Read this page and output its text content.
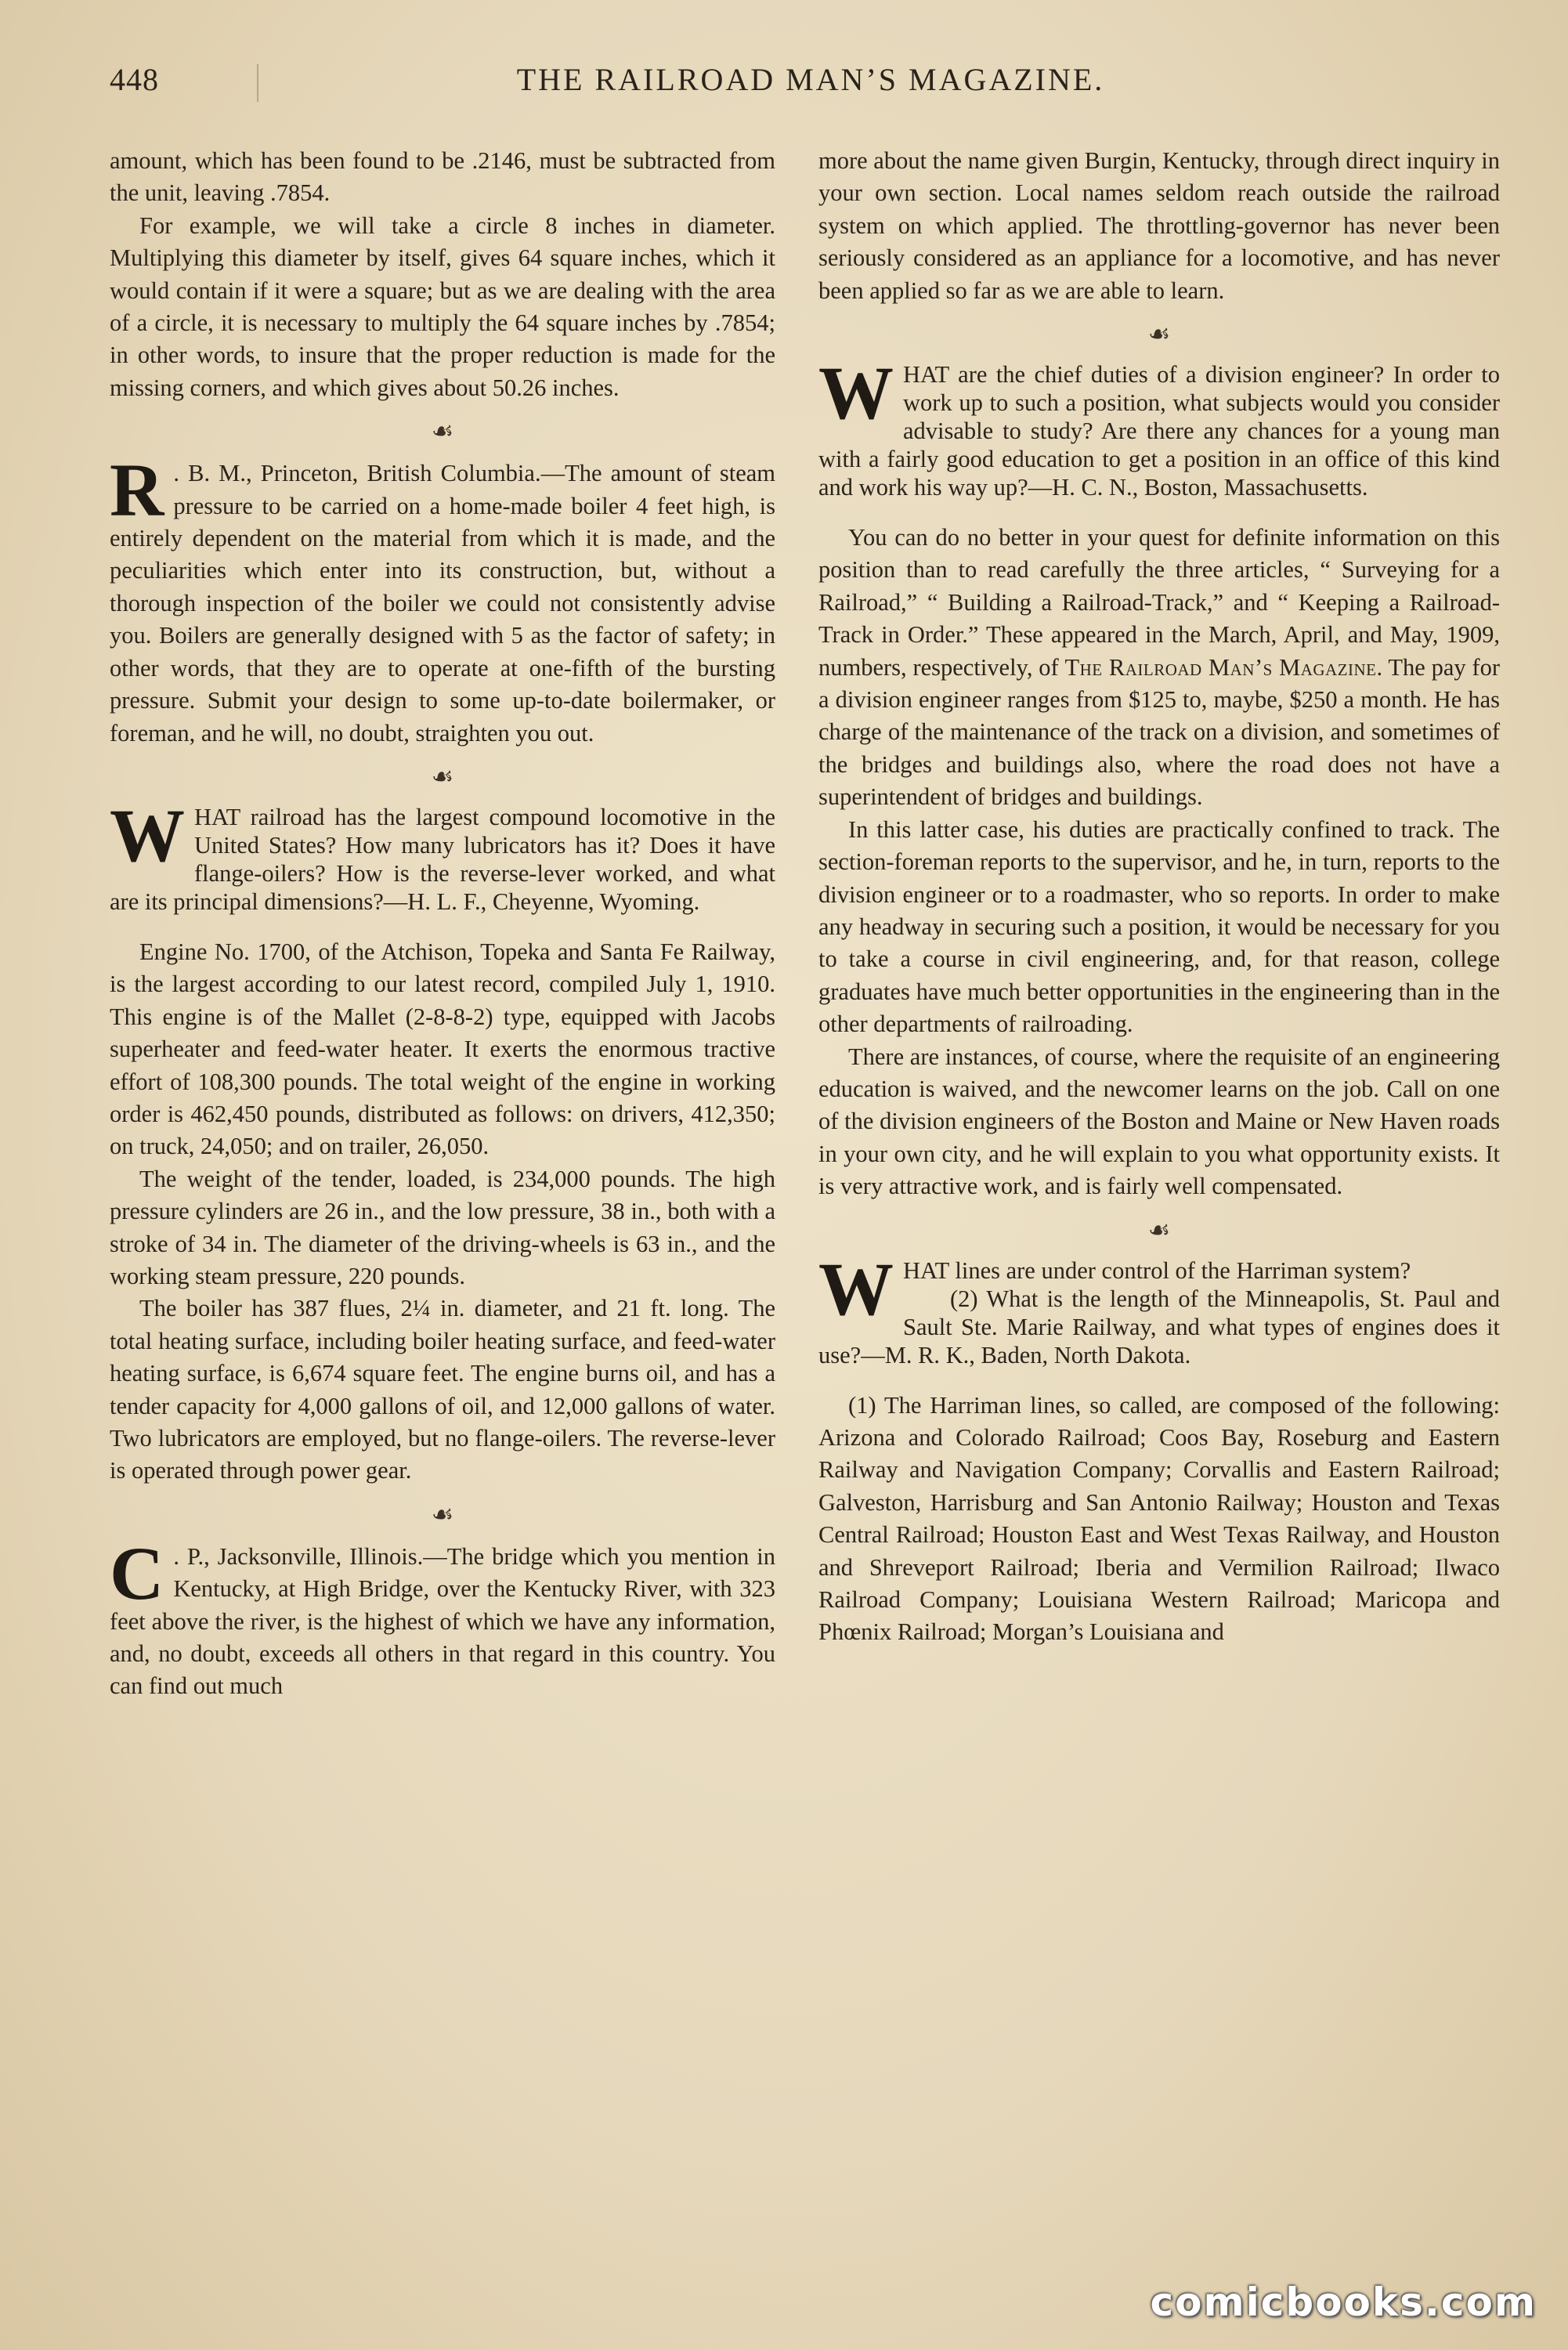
448	THE RAILROAD MAN’S MAGAZINE.

amount, which has been found to be .2146, must be subtracted from the unit, leaving .7854.

For example, we will take a circle 8 inches in diameter. Multiplying this diameter by itself, gives 64 square inches, which it would contain if it were a square; but as we are dealing with the area of a circle, it is necessary to multiply the 64 square inches by .7854; in other words, to insure that the proper reduction is made for the missing corners, and which gives about 50.26 inches.

☙

R . B. M., Princeton, British Columbia.—The amount of steam pressure to be carried on a home-made boiler 4 feet high, is entirely dependent on the material from which it is made, and the peculiarities which enter into its construction, but, without a thorough inspection of the boiler we could not consistently advise you. Boilers are generally designed with 5 as the factor of safety; in other words, that they are to operate at one-fifth of the bursting pressure. Submit your design to some up-to-date boilermaker, or foreman, and he will, no doubt, straighten you out.

☙

WHAT railroad has the largest compound locomotive in the United States? How many lubricators has it? Does it have flange-oilers? How is the reverse-lever worked, and what are its principal dimensions?—H. L. F., Cheyenne, Wyoming.

Engine No. 1700, of the Atchison, Topeka and Santa Fe Railway, is the largest according to our latest record, compiled July 1, 1910. This engine is of the Mallet (2-8-8-2) type, equipped with Jacobs superheater and feed-water heater. It exerts the enormous tractive effort of 108,300 pounds. The total weight of the engine in working order is 462,450 pounds, distributed as follows: on drivers, 412,350; on truck, 24,050; and on trailer, 26,050.

The weight of the tender, loaded, is 234,000 pounds. The high pressure cylinders are 26 in., and the low pressure, 38 in., both with a stroke of 34 in. The diameter of the driving-wheels is 63 in., and the working steam pressure, 220 pounds.

The boiler has 387 flues, 2¼ in. diameter, and 21 ft. long. The total heating surface, including boiler heating surface, and feed-water heating surface, is 6,674 square feet. The engine burns oil, and has a tender capacity for 4,000 gallons of oil, and 12,000 gallons of water. Two lubricators are employed, but no flange-oilers. The reverse-lever is operated through power gear.

☙

C . P., Jacksonville, Illinois.—The bridge which you mention in Kentucky, at High Bridge, over the Kentucky River, with 323 feet above the river, is the highest of which we have any information, and, no doubt, exceeds all others in that regard in this country. You can find out much

more about the name given Burgin, Kentucky, through direct inquiry in your own section. Local names seldom reach outside the railroad system on which applied. The throttling-governor has never been seriously considered as an appliance for a locomotive, and has never been applied so far as we are able to learn.

☙

WHAT are the chief duties of a division engineer? In order to work up to such a position, what subjects would you consider advisable to study? Are there any chances for a young man with a fairly good education to get a position in an office of this kind and work his way up?—H. C. N., Boston, Massachusetts.

You can do no better in your quest for definite information on this position than to read carefully the three articles, “ Surveying for a Railroad,” “ Building a Railroad-Track,” and “ Keeping a Railroad-Track in Order.” These appeared in the March, April, and May, 1909, numbers, respectively, of The Railroad Man’s Magazine. The pay for a division engineer ranges from $125 to, maybe, $250 a month. He has charge of the maintenance of the track on a division, and sometimes of the bridges and buildings also, where the road does not have a superintendent of bridges and buildings.

In this latter case, his duties are practically confined to track. The section-foreman reports to the supervisor, and he, in turn, reports to the division engineer or to a roadmaster, who so reports. In order to make any headway in securing such a position, it would be necessary for you to take a course in civil engineering, and, for that reason, college graduates have much better opportunities in the engineering than in the other departments of railroading.

There are instances, of course, where the requisite of an engineering education is waived, and the newcomer learns on the job. Call on one of the division engineers of the Boston and Maine or New Haven roads in your own city, and he will explain to you what opportunity exists. It is very attractive work, and is fairly well compensated.

☙

WHAT lines are under control of the Harriman system?
(2) What is the length of the Minneapolis, St. Paul and Sault Ste. Marie Railway, and what types of engines does it use?—M. R. K., Baden, North Dakota.

(1) The Harriman lines, so called, are composed of the following: Arizona and Colorado Railroad; Coos Bay, Roseburg and Eastern Railway and Navigation Company; Corvallis and Eastern Railroad; Galveston, Harrisburg and San Antonio Railway; Houston and Texas Central Railroad; Houston East and West Texas Railway, and Houston and Shreveport Railroad; Iberia and Vermilion Railroad; Ilwaco Railroad Company; Louisiana Western Railroad; Maricopa and Phœnix Railroad; Morgan’s Louisiana and

comicbooks.com
